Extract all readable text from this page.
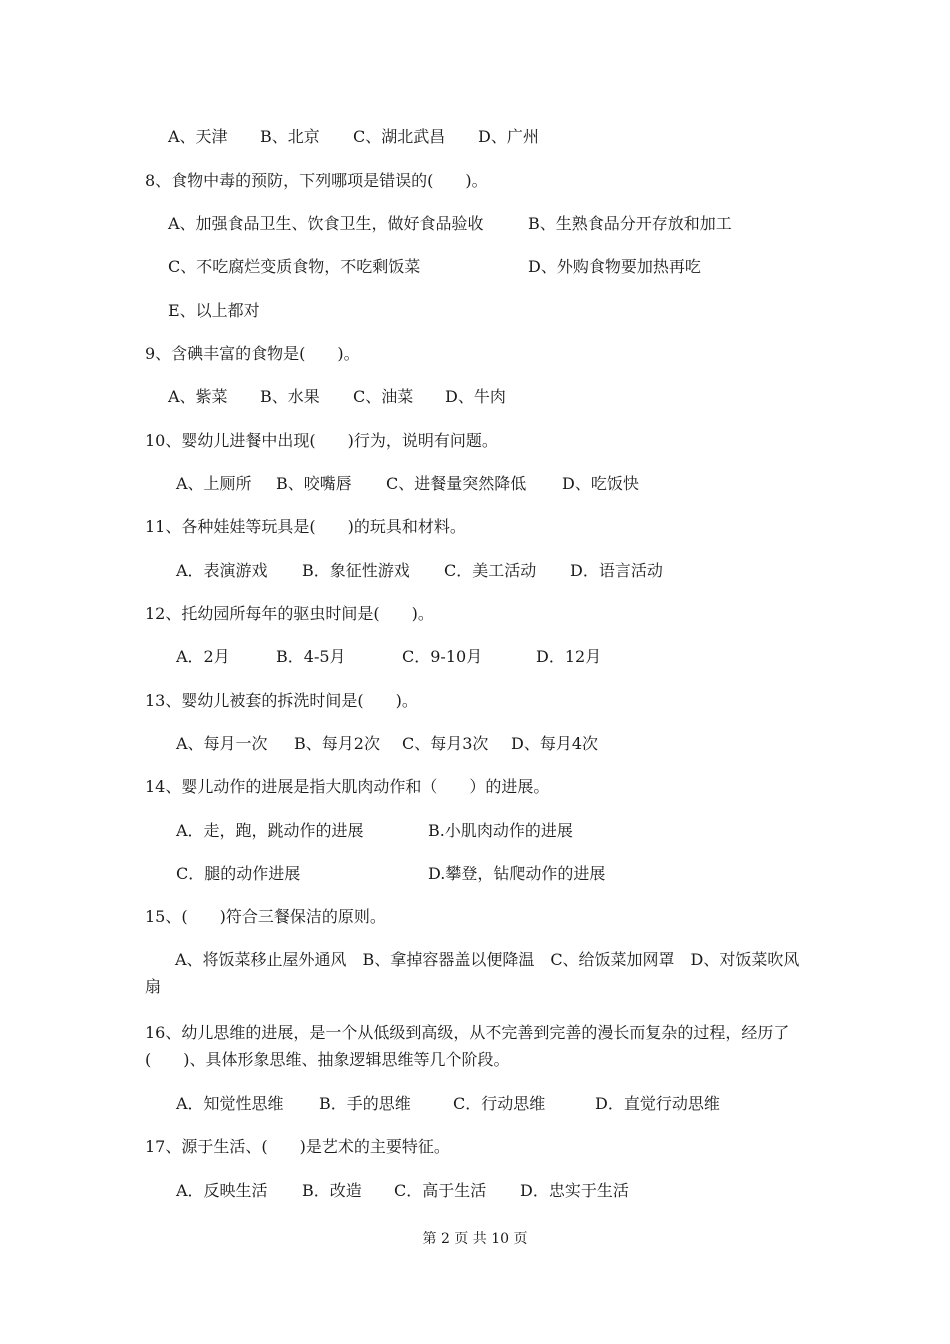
A、天津 B、北京 C、湖北武昌 D、广州
8、食物中毒的预防，下列哪项是错误的(　　)。
A、加强食品卫生、饮食卫生，做好食品验收	B、生熟食品分开存放和加工
C、不吃腐烂变质食物，不吃剩饭菜	D、外购食物要加热再吃
E、以上都对
9、含碘丰富的食物是(　　)。
A、紫菜 B、水果 C、油菜 D、牛肉
10、婴幼儿进餐中出现(　　)行为，说明有问题。
A、上厕所 B、咬嘴唇 C、进餐量突然降低 D、吃饭快
11、各种娃娃等玩具是(　　)的玩具和材料。
A．表演游戏 B．象征性游戏 C．美工活动 D．语言活动
12、托幼园所每年的驱虫时间是(　　)。
A．2月	B．4-5月	C．9-10月	D．12月
13、婴幼儿被套的拆洗时间是(　　)。
A、每月一次 B、每月2次 C、每月3次 D、每月4次
14、婴儿动作的进展是指大肌肉动作和（　　）的进展。
A．走，跑，跳动作的进展	B.小肌肉动作的进展
C．腿的动作进展	D.攀登，钻爬动作的进展
15、(　　)符合三餐保洁的原则。
A、将饭菜移止屋外通风　B、拿掉容器盖以便降温　C、给饭菜加网罩　D、对饭菜吹风扇
16、幼儿思维的进展，是一个从低级到高级，从不完善到完善的漫长而复杂的过程，经历了(　　)、具体形象思维、抽象逻辑思维等几个阶段。
A．知觉性思维 B．手的思维	C．行动思维	D．直觉行动思维
17、源于生活、(　　)是艺术的主要特征。
A．反映生活 B．改造 C．高于生活 D．忠实于生活
第 2 页 共 10 页
